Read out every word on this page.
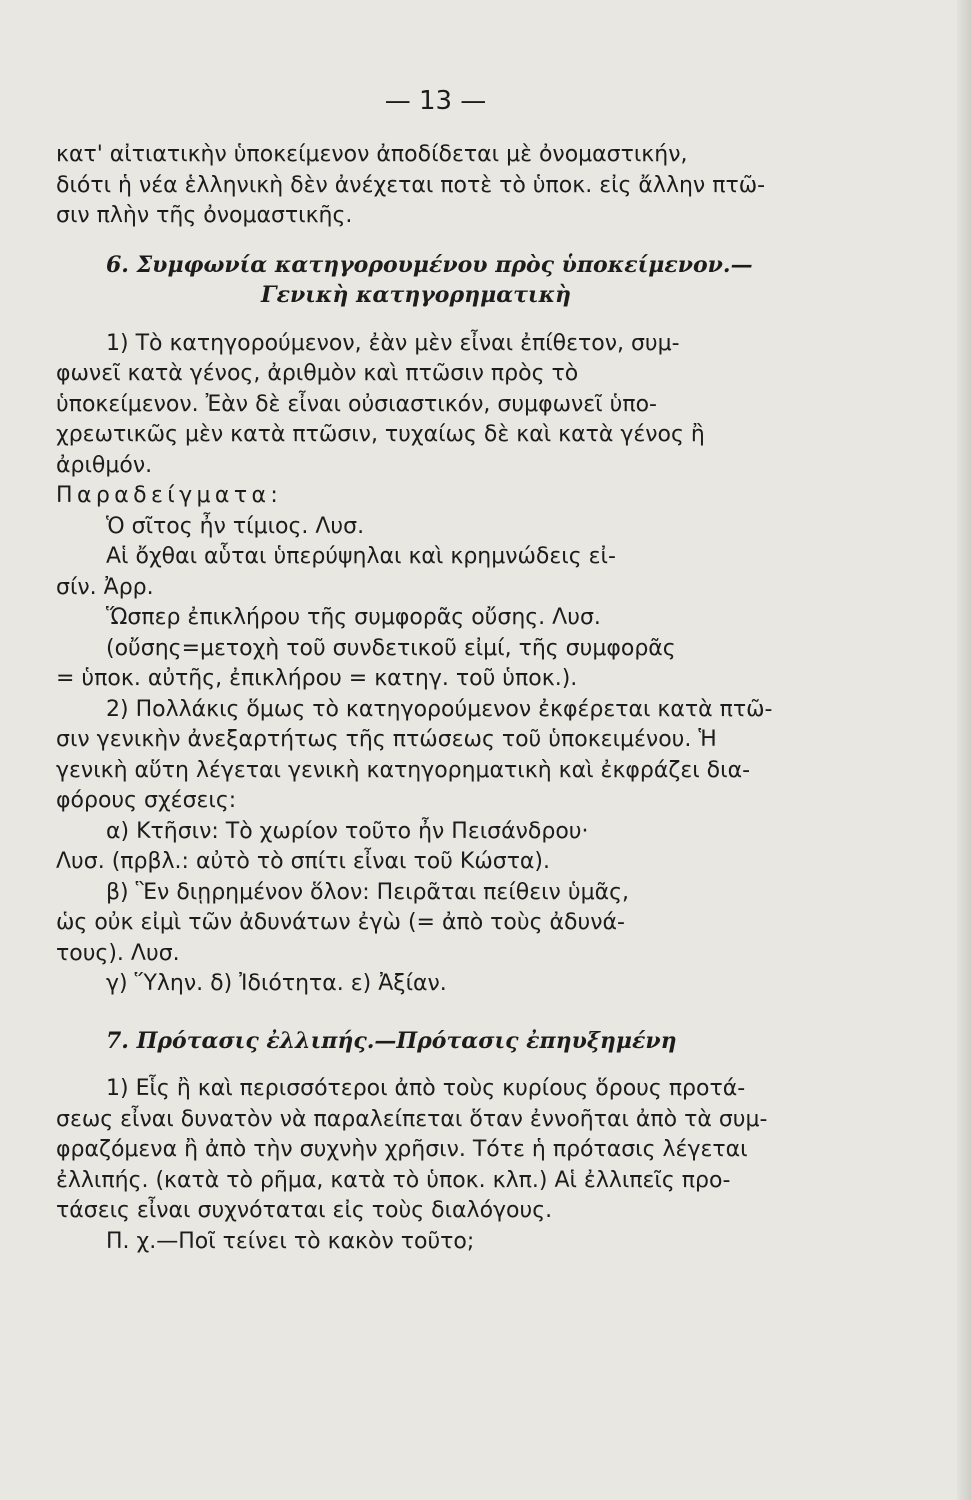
— 13 —
κατ' αἰτιατικὴν ὑποκείμενον ἀποδίδεται μὲ ὀνομαστικήν,
διότι ἡ νέα ἑλληνικὴ δὲν ἀνέχεται ποτὲ τὸ ὑποκ. εἰς ἄλλην πτῶ-
σιν πλὴν τῆς ὀνομαστικῆς.
6. Συμφωνία κατηγορουμένου πρὸς ὑποκείμενον.—
Γενικὴ κατηγορηματικὴ
1) Τὸ κατηγορούμενον, ἐὰν μὲν εἶναι ἐπίθετον, συμ-
φωνεῖ κατὰ γένος, ἀριθμὸν καὶ πτῶσιν πρὸς τὸ
ὑποκείμενον. Ἐὰν δὲ εἶναι οὐσιαστικόν, συμφωνεῖ ὑπο-
χρεωτικῶς μὲν κατὰ πτῶσιν, τυχαίως δὲ καὶ κατὰ γένος ἢ
ἀριθμόν.
Παραδείγματα:
Ὁ σῖτος ἦν τίμιος. Λυσ.
Αἱ ὄχθαι αὗται ὑπερύψηλαι καὶ κρημνώδεις εἰ-
σίν. Ἀρρ.
Ὥσπερ ἐπικλήρου τῆς συμφορᾶς οὔσης. Λυσ.
(οὔσης=μετοχὴ τοῦ συνδετικοῦ εἰμί, τῆς συμφορᾶς
= ὑποκ. αὐτῆς, ἐπικλήρου = κατηγ. τοῦ ὑποκ.).
2) Πολλάκις ὅμως τὸ κατηγορούμενον ἐκφέρεται κατὰ πτῶ-
σιν γενικὴν ἀνεξαρτήτως τῆς πτώσεως τοῦ ὑποκειμένου. Ἡ
γενικὴ αὕτη λέγεται γενικὴ κατηγορηματικὴ καὶ ἐκφράζει δια-
φόρους σχέσεις:
α) Κτῆσιν: Τὸ χωρίον τοῦτο ἦν Πεισάνδρου·
Λυσ. (πρβλ.: αὐτὸ τὸ σπίτι εἶναι τοῦ Κώστα).
β) Ἓν διῃρημένον ὅλον: Πειρᾶται πείθειν ὑμᾶς,
ὡς οὐκ εἰμὶ τῶν ἀδυνάτων ἐγὼ (= ἀπὸ τοὺς ἀδυνά-
τους). Λυσ.
γ) Ὕλην. δ) Ἰδιότητα. ε) Ἀξίαν.
7. Πρότασις ἐλλιπής.—Πρότασις ἐπηυξημένη
1) Εἷς ἢ καὶ περισσότεροι ἀπὸ τοὺς κυρίους ὅρους προτά-
σεως εἶναι δυνατὸν νὰ παραλείπεται ὅταν ἐννοῆται ἀπὸ τὰ συμ-
φραζόμενα ἢ ἀπὸ τὴν συχνὴν χρῆσιν. Τότε ἡ πρότασις λέγεται
ἐλλιπής. (κατὰ τὸ ρῆμα, κατὰ τὸ ὑποκ. κλπ.) Αἱ ἐλλιπεῖς προ-
τάσεις εἶναι συχνόταται εἰς τοὺς διαλόγους.
Π. χ.—Ποῖ τείνει τὸ κακὸν τοῦτο;
